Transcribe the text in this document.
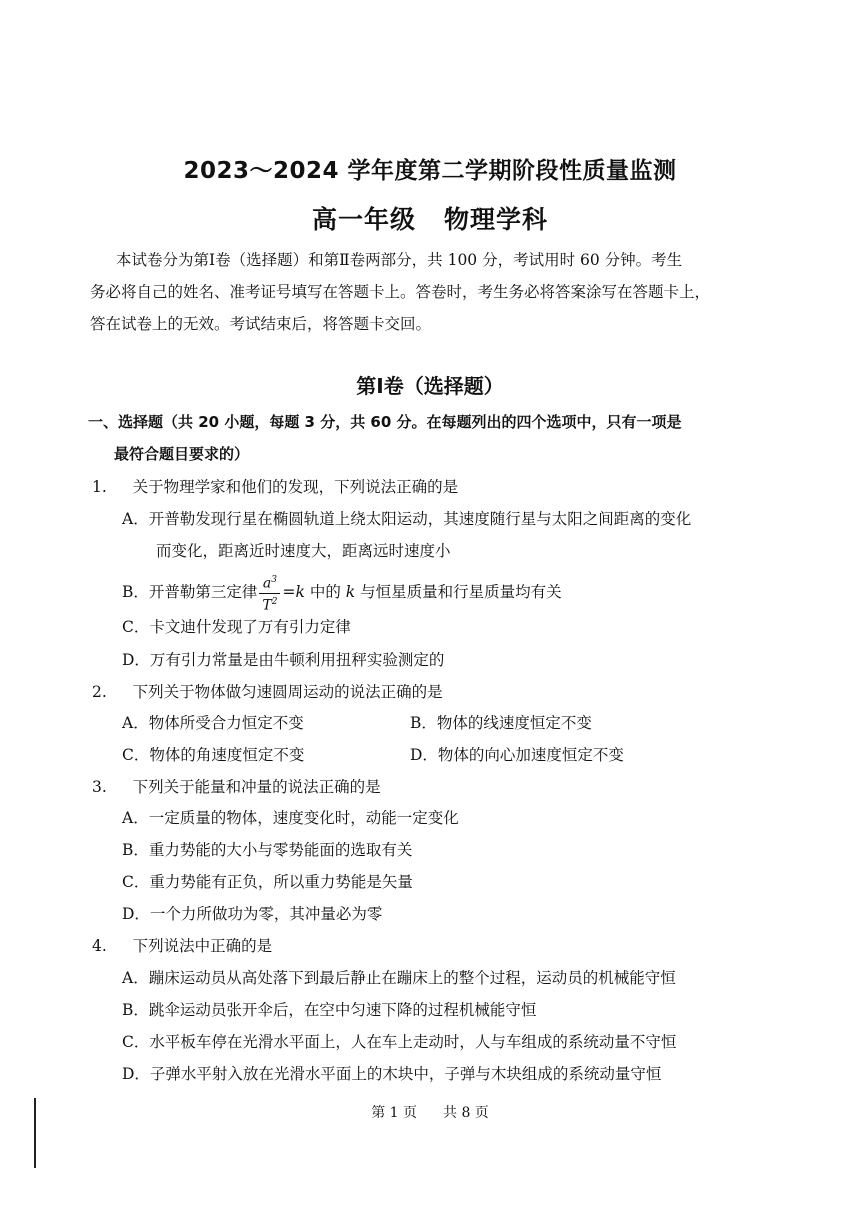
2023～2024 学年度第二学期阶段性质量监测
高一年级 物理学科
本试卷分为第Ⅰ卷（选择题）和第Ⅱ卷两部分，共 100 分，考试用时 60 分钟。考生
务必将自己的姓名、准考证号填写在答题卡上。答卷时，考生务必将答案涂写在答题卡上，
答在试卷上的无效。考试结束后，将答题卡交回。
第Ⅰ卷（选择题）
一、选择题（共 20 小题，每题 3 分，共 60 分。在每题列出的四个选项中，只有一项是
最符合题目要求的）
1. 关于物理学家和他们的发现，下列说法正确的是
A．开普勒发现行星在椭圆轨道上绕太阳运动，其速度随行星与太阳之间距离的变化
而变化，距离近时速度大，距离远时速度小
B．开普勒第三定律 $\frac{a^3}{T^2} =k$ 中的 k 与恒星质量和行星质量均有关
C．卡文迪什发现了万有引力定律
D．万有引力常量是由牛顿利用扭秤实验测定的
2. 下列关于物体做匀速圆周运动的说法正确的是
A．物体所受合力恒定不变	B．物体的线速度恒定不变
C．物体的角速度恒定不变	D．物体的向心加速度恒定不变
3. 下列关于能量和冲量的说法正确的是
A．一定质量的物体，速度变化时，动能一定变化
B．重力势能的大小与零势能面的选取有关
C．重力势能有正负，所以重力势能是矢量
D．一个力所做功为零，其冲量必为零
4. 下列说法中正确的是
A．蹦床运动员从高处落下到最后静止在蹦床上的整个过程，运动员的机械能守恒
B．跳伞运动员张开伞后，在空中匀速下降的过程机械能守恒
C．水平板车停在光滑水平面上，人在车上走动时，人与车组成的系统动量不守恒
D．子弹水平射入放在光滑水平面上的木块中，子弹与木块组成的系统动量守恒
第 1 页 共 8 页
